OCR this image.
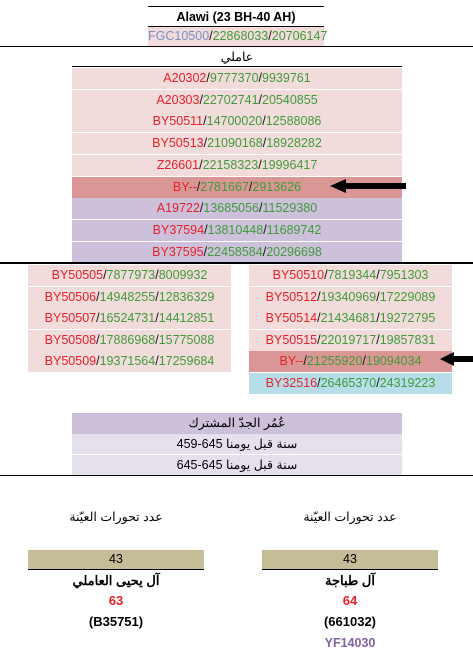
Alawi (23 BH-40 AH)
FGC10500/22868033/20706147
عاملي
A20302/9777370/9939761
A20303/22702741/20540855
BY50511/14700020/12588086
BY50513/21090168/18928282
Z26601/22158323/19996417
BY--/2781667/2913626
A19722/13685056/11529380
BY37594/13810448/11689742
BY37595/22458584/20296698
BY50505/7877973/8009932
BY50506/14948255/12836329
BY50507/16524731/14412851
BY50508/17886968/15775088
BY50509/19371564/17259684
BY50510/7819344/7951303
BY50512/19340969/17229089
BY50514/21434681/19272795
BY50515/22019717/19857831
BY--/21255920/19094034
BY32516/26465370/24319223
عُمُر الجدّ المشترك
459-645 سنة قبل يومنا
645-645 سنة قبل يومنا
عدد تحورات العيّنة
43
آل يحيى العاملي
63
(B35751)
عدد تحورات العيّنة
43
آل طباجة
64
(661032)
YF14030
